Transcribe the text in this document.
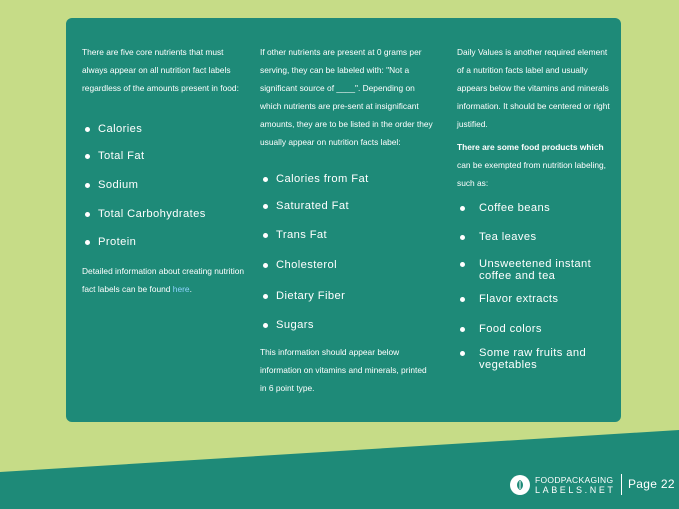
There are five core nutrients that must always appear on all nutrition fact labels regardless of the amounts present in food:

Calories
Total Fat
Sodium
Total Carbohydrates
Protein

Detailed information about creating nutrition fact labels can be found here.

If other nutrients are present at 0 grams per serving, they can be labeled with: "Not a significant source of ____". Depending on which nutrients are pre-sent at insignificant amounts, they are to be listed in the order they usually appear on nutrition facts label:

Calories from Fat
Saturated Fat
Trans Fat
Cholesterol
Dietary Fiber
Sugars

This information should appear below information on vitamins and minerals, printed in 6 point type.

Daily Values is another required element of a nutrition facts label and usually appears below the vitamins and minerals information. It should be centered or right justified.

There are some food products which
can be exempted from nutrition labeling, such as:

Coffee beans
Tea leaves
Unsweetened instant coffee and tea
Flavor extracts
Food colors
Some raw fruits and vegetables
FOODPACKAGING
LABELS.NET Page 22
